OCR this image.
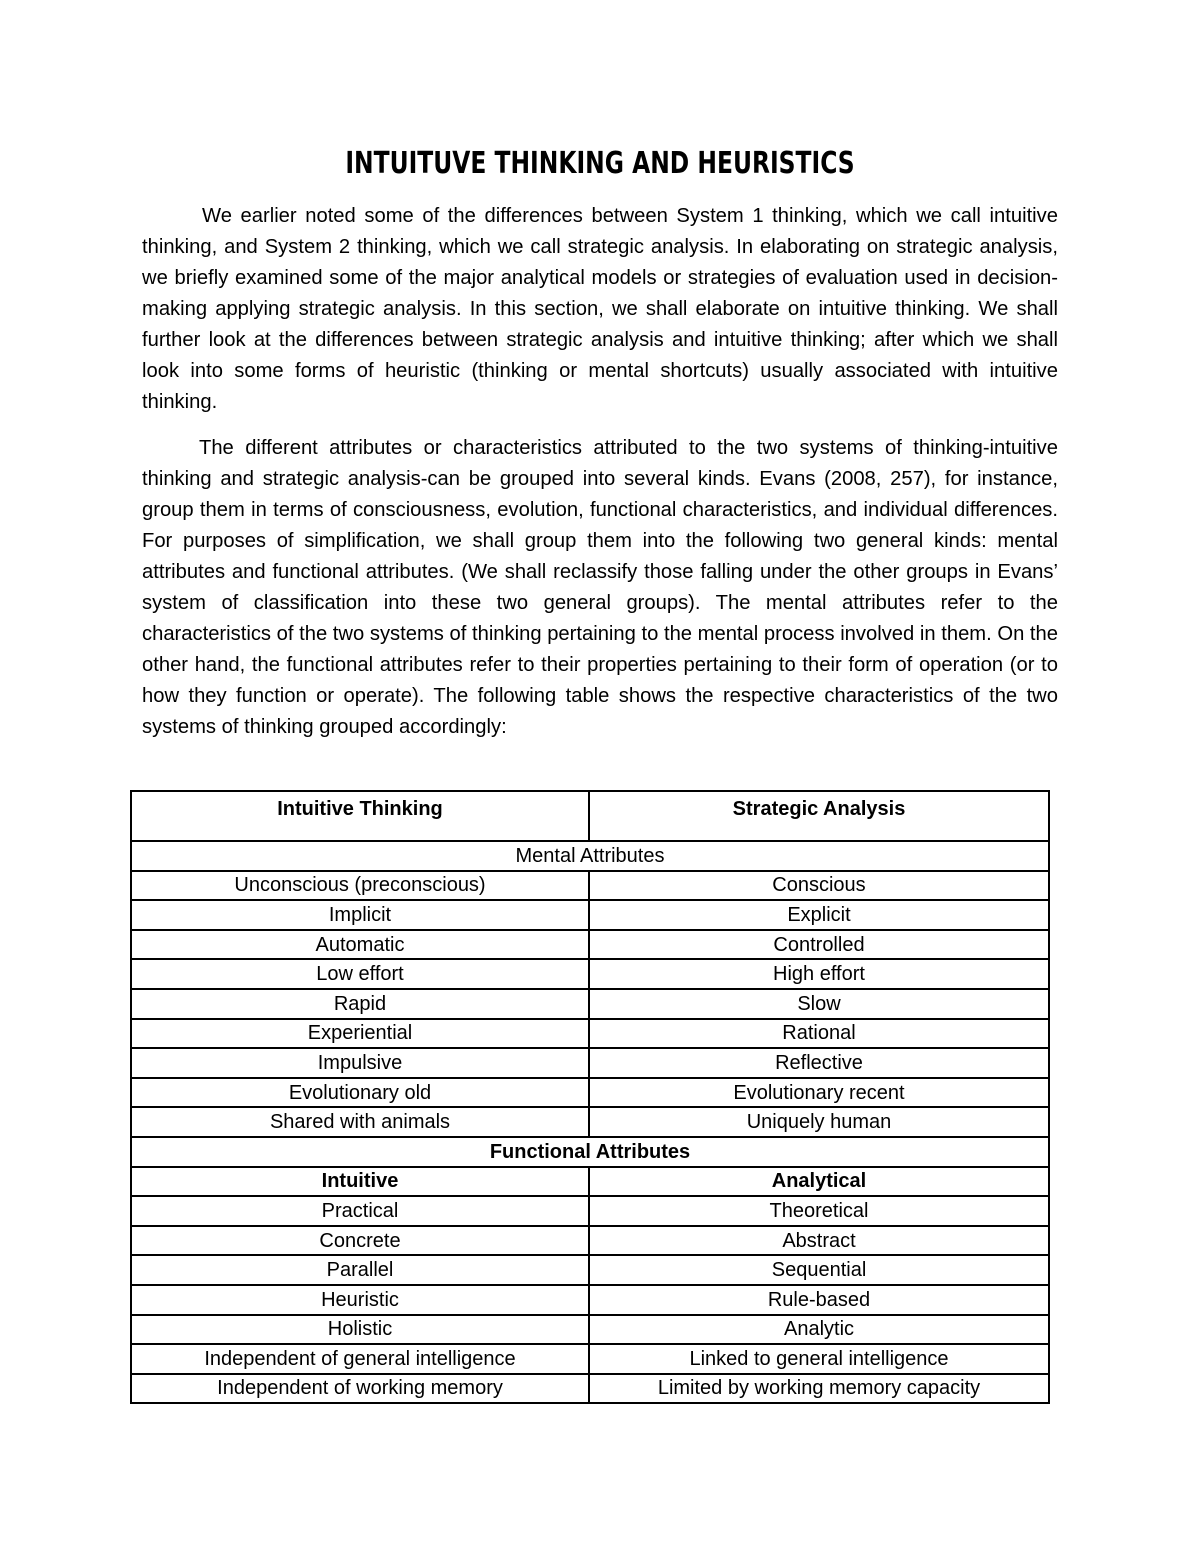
INTUITUVE THINKING AND HEURISTICS

We earlier noted some of the differences between System 1 thinking, which we call intuitive thinking, and System 2 thinking, which we call strategic analysis. In elaborating on strategic analysis, we briefly examined some of the major analytical models or strategies of evaluation used in decision-making applying strategic analysis. In this section, we shall elaborate on intuitive thinking. We shall further look at the differences between strategic analysis and intuitive thinking; after which we shall look into some forms of heuristic (thinking or mental shortcuts) usually associated with intuitive thinking.

The different attributes or characteristics attributed to the two systems of thinking-intuitive thinking and strategic analysis-can be grouped into several kinds. Evans (2008, 257), for instance, group them in terms of consciousness, evolution, functional characteristics, and individual differences. For purposes of simplification, we shall group them into the following two general kinds: mental attributes and functional attributes. (We shall reclassify those falling under the other groups in Evans’ system of classification into these two general groups). The mental attributes refer to the characteristics of the two systems of thinking pertaining to the mental process involved in them. On the other hand, the functional attributes refer to their properties pertaining to their form of operation (or to how they function or operate). The following table shows the respective characteristics of the two systems of thinking grouped accordingly:

Intuitive Thinking	Strategic Analysis
Mental Attributes	
Unconscious (preconscious)	Conscious
Implicit	Explicit
Automatic	Controlled
Low effort	High effort
Rapid	Slow
Experiential	Rational
Impulsive	Reflective
Evolutionary old	Evolutionary recent
Shared with animals	Uniquely human
Functional Attributes	
Intuitive	Analytical
Practical	Theoretical
Concrete	Abstract
Parallel	Sequential
Heuristic	Rule-based
Holistic	Analytic
Independent of general intelligence	Linked to general intelligence
Independent of working memory	Limited by working memory capacity
